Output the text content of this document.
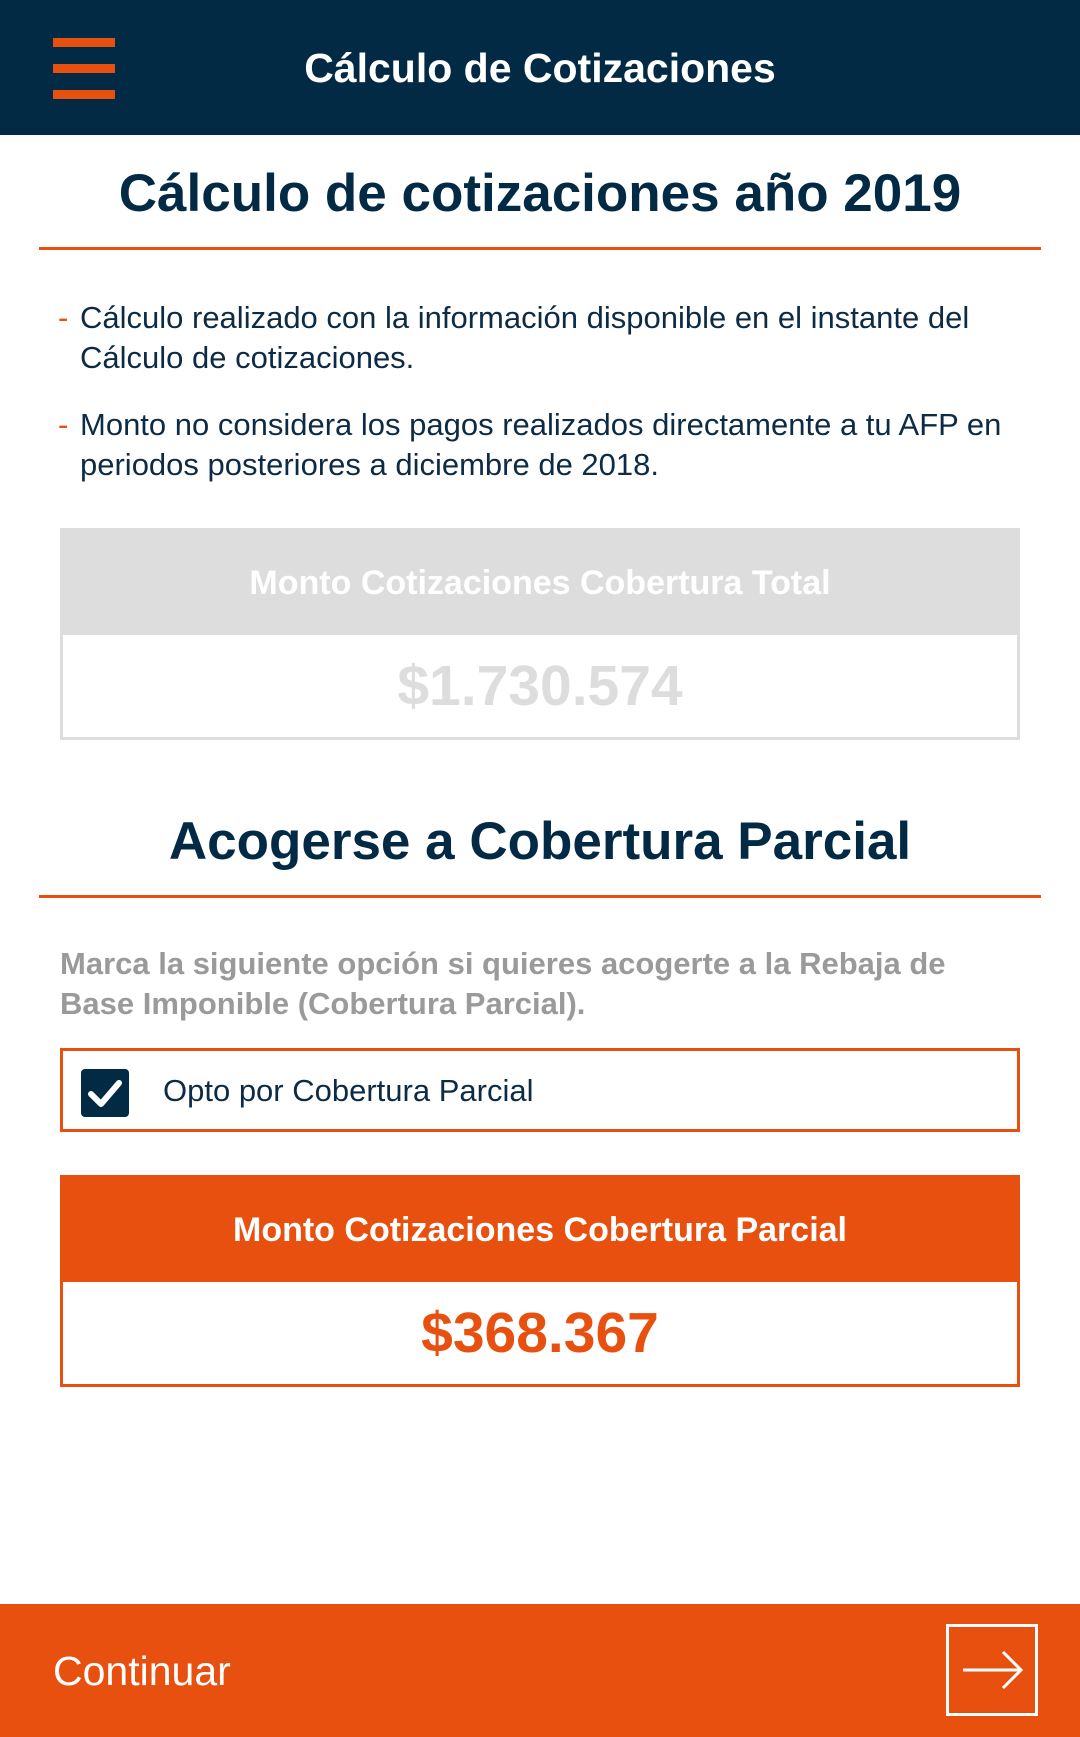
Cálculo de Cotizaciones
Cálculo de cotizaciones año 2019
- Cálculo realizado con la información disponible en el instante del Cálculo de cotizaciones.
- Monto no considera los pagos realizados directamente a tu AFP en periodos posteriores a diciembre de 2018.
Monto Cotizaciones Cobertura Total
$1.730.574
Acogerse a Cobertura Parcial
Marca la siguiente opción si quieres acogerte a la Rebaja de Base Imponible (Cobertura Parcial).
Opto por Cobertura Parcial
Monto Cotizaciones Cobertura Parcial
$368.367
Continuar
